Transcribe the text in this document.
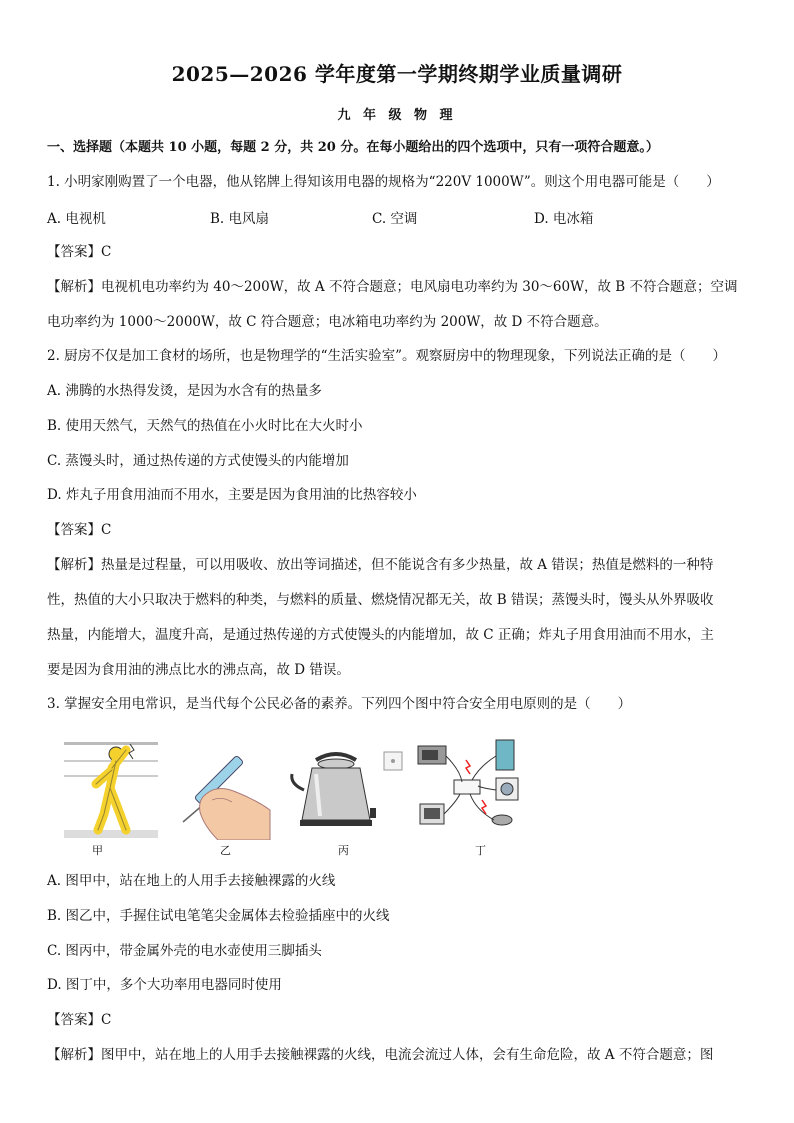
2025—2026 学年度第一学期终期学业质量调研
九 年 级 物 理
一、选择题（本题共 10 小题，每题 2 分，共 20 分。在每小题给出的四个选项中，只有一项符合题意。）
1. 小明家刚购置了一个电器，他从铭牌上得知该用电器的规格为“220V 1000W”。则这个用电器可能是（　　）
A. 电视机	B. 电风扇	C. 空调	D. 电冰箱
【答案】C
【解析】电视机电功率约为 40～200W，故 A 不符合题意；电风扇电功率约为 30～60W，故 B 不符合题意；空调
电功率约为 1000～2000W，故 C 符合题意；电冰箱电功率约为 200W，故 D 不符合题意。
2. 厨房不仅是加工食材的场所，也是物理学的“生活实验室”。观察厨房中的物理现象，下列说法正确的是（　　）
A. 沸腾的水热得发烫，是因为水含有的热量多
B. 使用天然气，天然气的热值在小火时比在大火时小
C. 蒸馒头时，通过热传递的方式使馒头的内能增加
D. 炸丸子用食用油而不用水，主要是因为食用油的比热容较小
【答案】C
【解析】热量是过程量，可以用吸收、放出等词描述，但不能说含有多少热量，故 A 错误；热值是燃料的一种特
性，热值的大小只取决于燃料的种类，与燃料的质量、燃烧情况都无关，故 B 错误；蒸馒头时，馒头从外界吸收
热量，内能增大，温度升高，是通过热传递的方式使馒头的内能增加，故 C 正确；炸丸子用食用油而不用水，主
要是因为食用油的沸点比水的沸点高，故 D 错误。
3. 掌握安全用电常识，是当代每个公民必备的素养。下列四个图中符合安全用电原则的是（　　）
甲	乙	丙	丁
A. 图甲中，站在地上的人用手去接触裸露的火线
B. 图乙中，手握住试电笔笔尖金属体去检验插座中的火线
C. 图丙中，带金属外壳的电水壶使用三脚插头
D. 图丁中，多个大功率用电器同时使用
【答案】C
【解析】图甲中，站在地上的人用手去接触裸露的火线，电流会流过人体，会有生命危险，故 A 不符合题意；图
